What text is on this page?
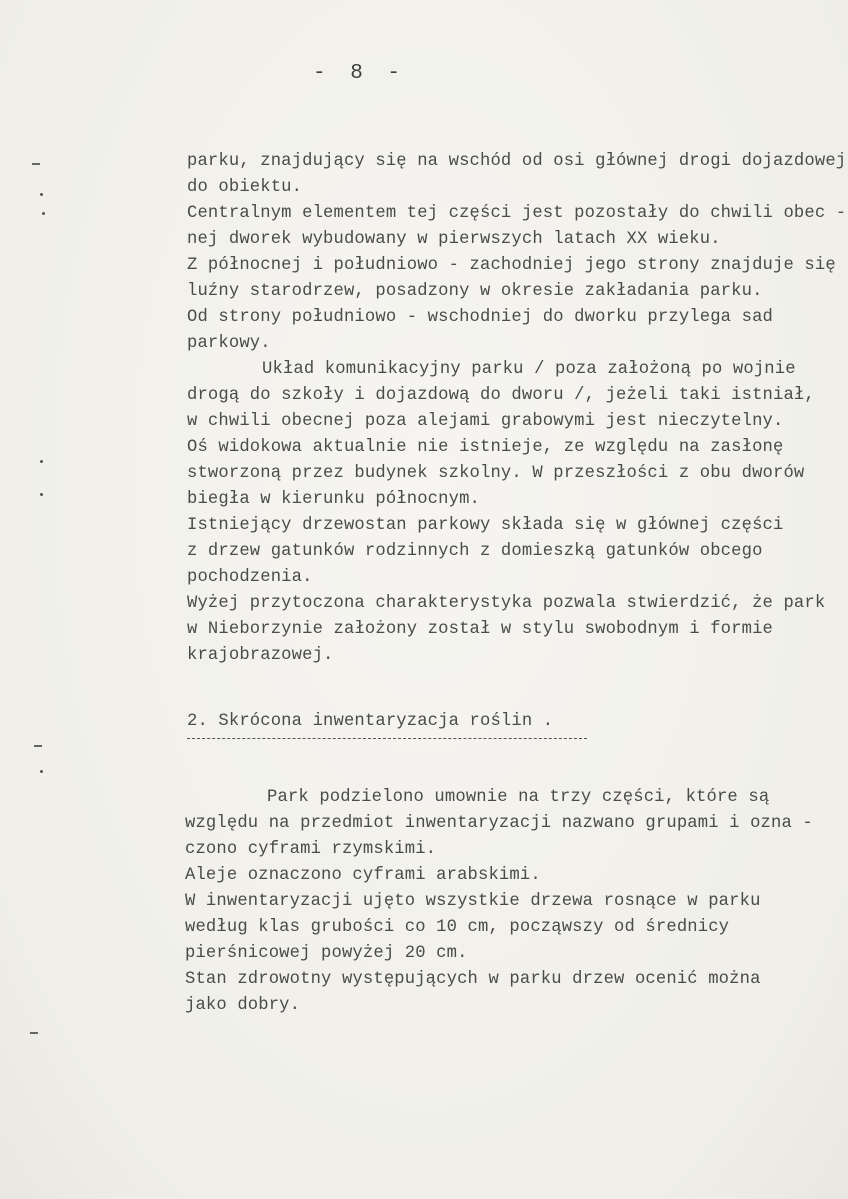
- 8 -
parku, znajdujący się na wschód od osi głównej drogi dojazdowej
do obiektu.
Centralnym elementem tej części jest pozostały do chwili obec -
nej dworek wybudowany w pierwszych latach XX wieku.
Z północnej i południowo - zachodniej jego strony znajduje się
luźny starodrzew, posadzony w okresie zakładania parku.
Od strony południowo - wschodniej do dworku przylega sad
parkowy.
Układ komunikacyjny parku / poza założoną po wojnie
drogą do szkoły i dojazdową do dworu /, jeżeli taki istniał,
w chwili obecnej poza alejami grabowymi jest nieczytelny.
Oś widokowa aktualnie nie istnieje, ze względu na zasłonę
stworzoną przez budynek szkolny. W przeszłości z obu dworów
biegła w kierunku północnym.
Istniejący drzewostan parkowy składa się w głównej części
z drzew gatunków rodzinnych z domieszką gatunków obcego
pochodzenia.
Wyżej przytoczona charakterystyka pozwala stwierdzić, że park
w Nieborzynie założony został w stylu swobodnym i formie
krajobrazowej.
2. Skrócona inwentaryzacja roślin .
Park podzielono umownie na trzy części, które są
względu na przedmiot inwentaryzacji nazwano grupami i ozna -
czono cyframi rzymskimi.
Aleje oznaczono cyframi arabskimi.
W inwentaryzacji ujęto wszystkie drzewa rosnące w parku
według klas grubości co 10 cm, począwszy od średnicy
pierśnicowej powyżej 20 cm.
Stan zdrowotny występujących w parku drzew ocenić można
jako dobry.
